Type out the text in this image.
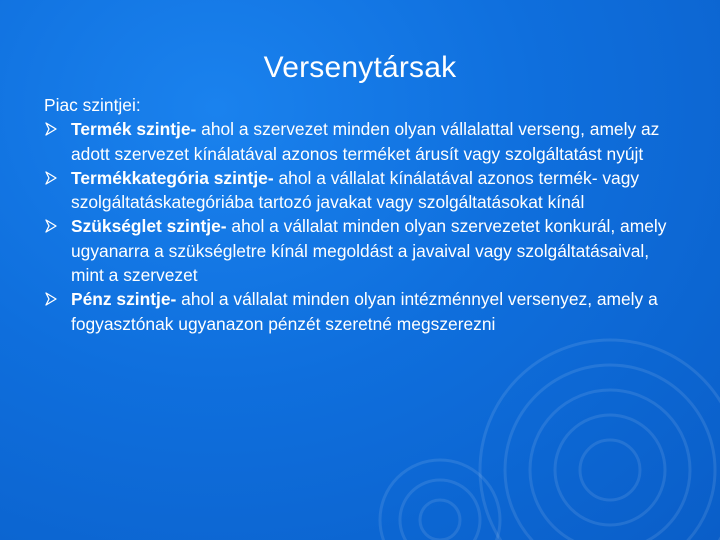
Versenytársak

Piac szintjei:

Termék szintje- ahol a szervezet minden olyan vállalattal verseng, amely az adott szervezet kínálatával azonos terméket árusít vagy szolgáltatást nyújt
Termékkategória szintje- ahol a vállalat kínálatával azonos termék- vagy szolgáltatáskategóriába tartozó javakat vagy szolgáltatásokat kínál
Szükséglet szintje- ahol a vállalat minden olyan szervezetet konkurál, amely ugyanarra a szükségletre kínál megoldást a javaival vagy szolgáltatásaival, mint a szervezet
Pénz szintje- ahol a vállalat minden olyan intézménnyel versenyez, amely a fogyasztónak ugyanazon pénzét szeretné megszerezni
